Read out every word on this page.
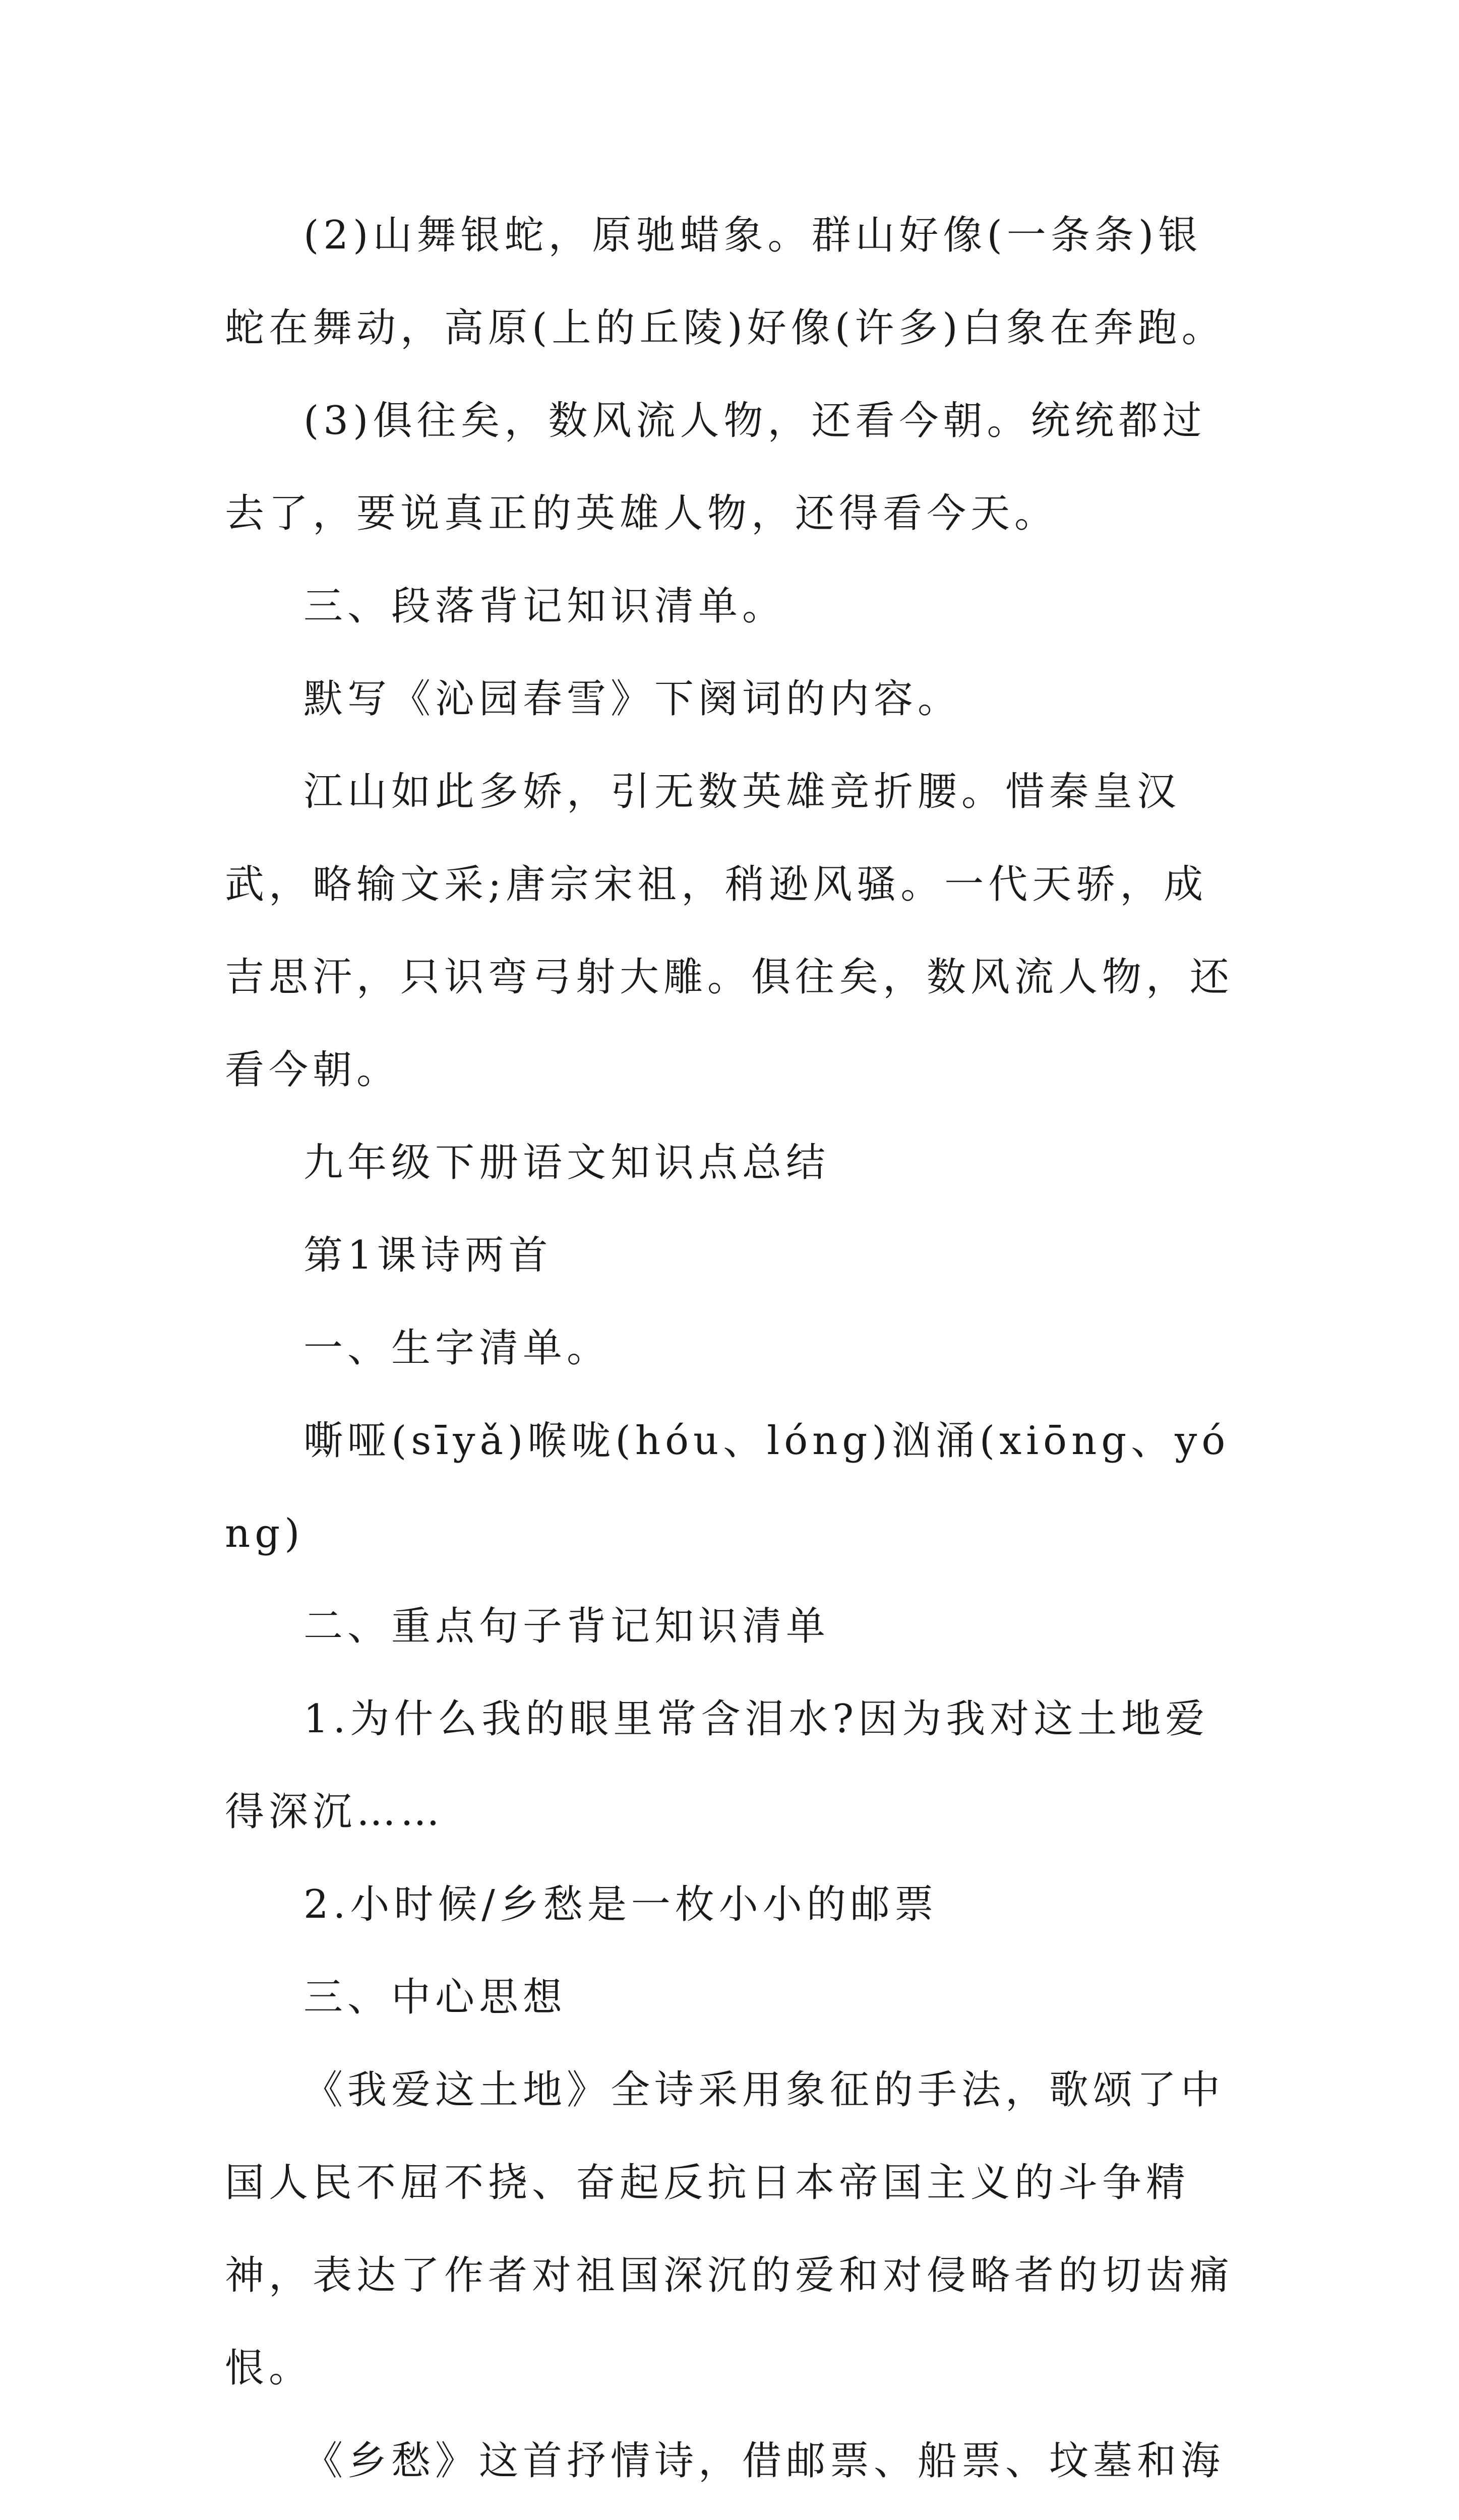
(2)山舞银蛇，原驰蜡象。群山好像(一条条)银蛇在舞动，高原(上的丘陵)好像(许多)白象在奔跑。

(3)俱往矣，数风流人物，还看今朝。统统都过去了，要说真正的英雄人物，还得看今天。

三、段落背记知识清单。

默写《沁园春雪》下阕词的内容。

江山如此多娇，引无数英雄竞折腰。惜秦皇汉武，略输文采;唐宗宋祖，稍逊风骚。一代天骄，成吉思汗，只识弯弓射大雕。俱往矣，数风流人物，还看今朝。

九年级下册语文知识点总结

第1课诗两首

一、生字清单。

嘶哑(sīyǎ)喉咙(hóu、lóng)汹涌(xiōng、yóng)

二、重点句子背记知识清单

1.为什么我的眼里常含泪水?因为我对这土地爱得深沉……

2.小时候/乡愁是一枚小小的邮票

三、中心思想

《我爱这土地》全诗采用象征的手法，歌颂了中国人民不屈不挠、奋起反抗日本帝国主义的斗争精神，表达了作者对祖国深沉的爱和对侵略者的切齿痛恨。

《乡愁》这首抒情诗，借邮票、船票、坟墓和海
